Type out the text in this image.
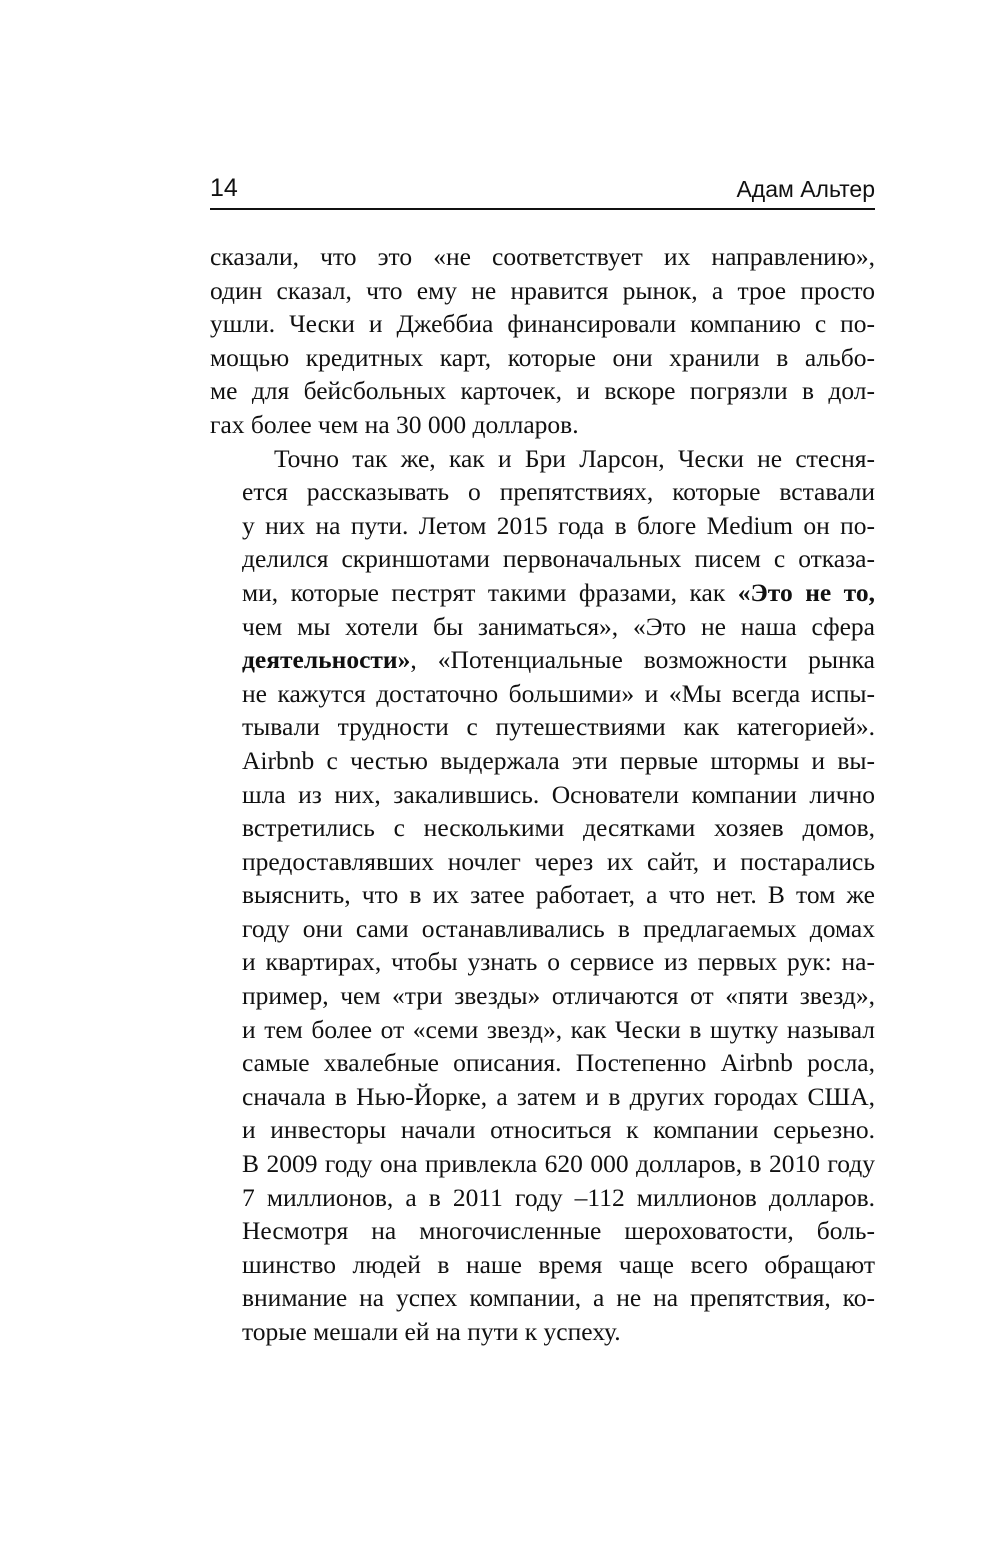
14	Адам Альтер

сказали, что это «не соответствует их направлению»,
один сказал, что ему не нравится рынок, а трое просто
ушли. Чески и Джеббиа финансировали компанию с по-
мощью кредитных карт, которые они хранили в альбо-
ме для бейсбольных карточек, и вскоре погрязли в дол-
гах более чем на 30 000 долларов.

Точно так же, как и Бри Ларсон, Чески не стесня-
ется рассказывать о препятствиях, которые вставали
у них на пути. Летом 2015 года в блоге Medium он по-
делился скриншотами первоначальных писем с отказа-
ми, которые пестрят такими фразами, как «Это не то,
чем мы хотели бы заниматься», «Это не наша сфера
деятельности», «Потенциальные возможности рынка
не кажутся достаточно большими» и «Мы всегда испы-
тывали трудности с путешествиями как категорией».
Airbnb с честью выдержала эти первые штормы и вы-
шла из них, закалившись. Основатели компании лично
встретились с несколькими десятками хозяев домов,
предоставлявших ночлег через их сайт, и постарались
выяснить, что в их затее работает, а что нет. В том же
году они сами останавливались в предлагаемых домах
и квартирах, чтобы узнать о сервисе из первых рук: на-
пример, чем «три звезды» отличаются от «пяти звезд»,
и тем более от «семи звезд», как Чески в шутку называл
самые хвалебные описания. Постепенно Airbnb росла,
сначала в Нью-Йорке, а затем и в других городах США,
и инвесторы начали относиться к компании серьезно.
В 2009 году она привлекла 620 000 долларов, в 2010 году
7 миллионов, а в 2011 году –112 миллионов долларов.
Несмотря на многочисленные шероховатости, боль-
шинство людей в наше время чаще всего обращают
внимание на успех компании, а не на препятствия, ко-
торые мешали ей на пути к успеху.
